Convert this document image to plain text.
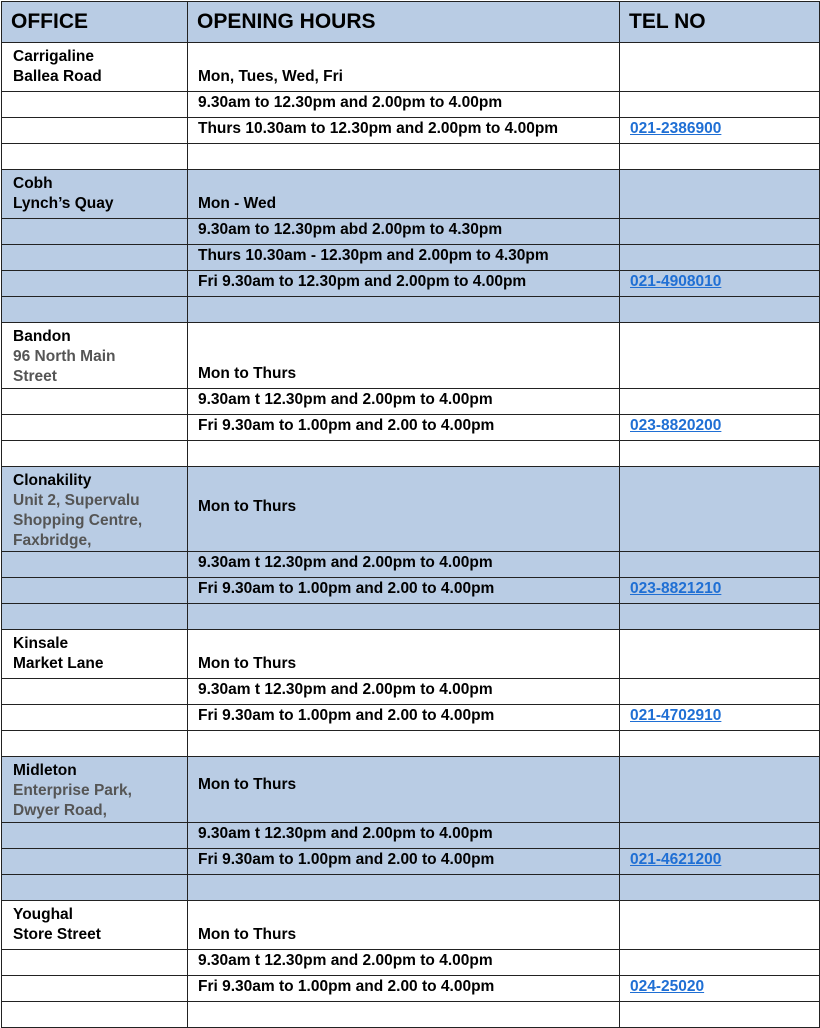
OFFICE	OPENING HOURS	TEL NO

Carrigaline
Ballea Road	Mon, Tues, Wed, Fri	
	9.30am to 12.30pm and 2.00pm to 4.00pm	
	Thurs 10.30am to 12.30pm and 2.00pm to 4.00pm	021-2386900

Cobh
Lynch’s Quay	Mon - Wed	
	9.30am to 12.30pm abd 2.00pm to 4.30pm	
	Thurs 10.30am - 12.30pm and 2.00pm to 4.30pm	
	Fri 9.30am to 12.30pm and 2.00pm to 4.00pm	021-4908010

Bandon
96 North Main
Street	Mon to Thurs	
	9.30am t 12.30pm and 2.00pm to 4.00pm	
	Fri 9.30am to 1.00pm and 2.00 to 4.00pm	023-8820200

Clonakility
Unit 2, Supervalu
Shopping Centre,
Faxbridge,	Mon to Thurs	
	9.30am t 12.30pm and 2.00pm to 4.00pm	
	Fri 9.30am to 1.00pm and 2.00 to 4.00pm	023-8821210

Kinsale
Market Lane	Mon to Thurs	
	9.30am t 12.30pm and 2.00pm to 4.00pm	
	Fri 9.30am to 1.00pm and 2.00 to 4.00pm	021-4702910

Midleton
Enterprise Park,
Dwyer Road,	Mon to Thurs	
	9.30am t 12.30pm and 2.00pm to 4.00pm	
	Fri 9.30am to 1.00pm and 2.00 to 4.00pm	021-4621200

Youghal
Store Street	Mon to Thurs	
	9.30am t 12.30pm and 2.00pm to 4.00pm	
	Fri 9.30am to 1.00pm and 2.00 to 4.00pm	024-25020
